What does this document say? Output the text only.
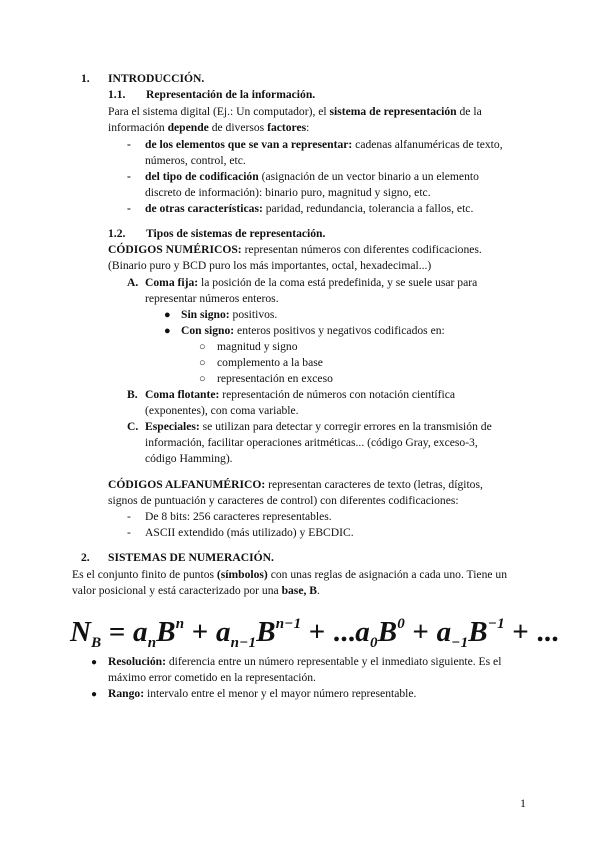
1. INTRODUCCIÓN.
1.1. Representación de la información.
Para el sistema digital (Ej.: Un computador), el sistema de representación de la
información depende de diversos factores:
- de los elementos que se van a representar: cadenas alfanuméricas de texto,
números, control, etc.
- del tipo de codificación (asignación de un vector binario a un elemento
discreto de información): binario puro, magnitud y signo, etc.
- de otras características: paridad, redundancia, tolerancia a fallos, etc.
1.2. Tipos de sistemas de representación.
CÓDIGOS NUMÉRICOS: representan números con diferentes codificaciones.
(Binario puro y BCD puro los más importantes, octal, hexadecimal...)
A. Coma fija: la posición de la coma está predefinida, y se suele usar para
representar números enteros.
● Sin signo: positivos.
● Con signo: enteros positivos y negativos codificados en:
○ magnitud y signo
○ complemento a la base
○ representación en exceso
B. Coma flotante: representación de números con notación científica
(exponentes), con coma variable.
C. Especiales: se utilizan para detectar y corregir errores en la transmisión de
información, facilitar operaciones aritméticas... (código Gray, exceso-3,
código Hamming).
CÓDIGOS ALFANUMÉRICO: representan caracteres de texto (letras, dígitos,
signos de puntuación y caracteres de control) con diferentes codificaciones:
- De 8 bits: 256 caracteres representables.
- ASCII extendido (más utilizado) y EBCDIC.
2. SISTEMAS DE NUMERACIÓN.
Es el conjunto finito de puntos (símbolos) con unas reglas de asignación a cada uno. Tiene un
valor posicional y está caracterizado por una base, B.
$N_B = a_nB^n + a_{n-1}B^{n-1} + ...a_0B^0 + a_{-1}B^{-1}$ + ...
● Resolución: diferencia entre un número representable y el inmediato siguiente. Es el
máximo error cometido en la representación.
● Rango: intervalo entre el menor y el mayor número representable.
1
